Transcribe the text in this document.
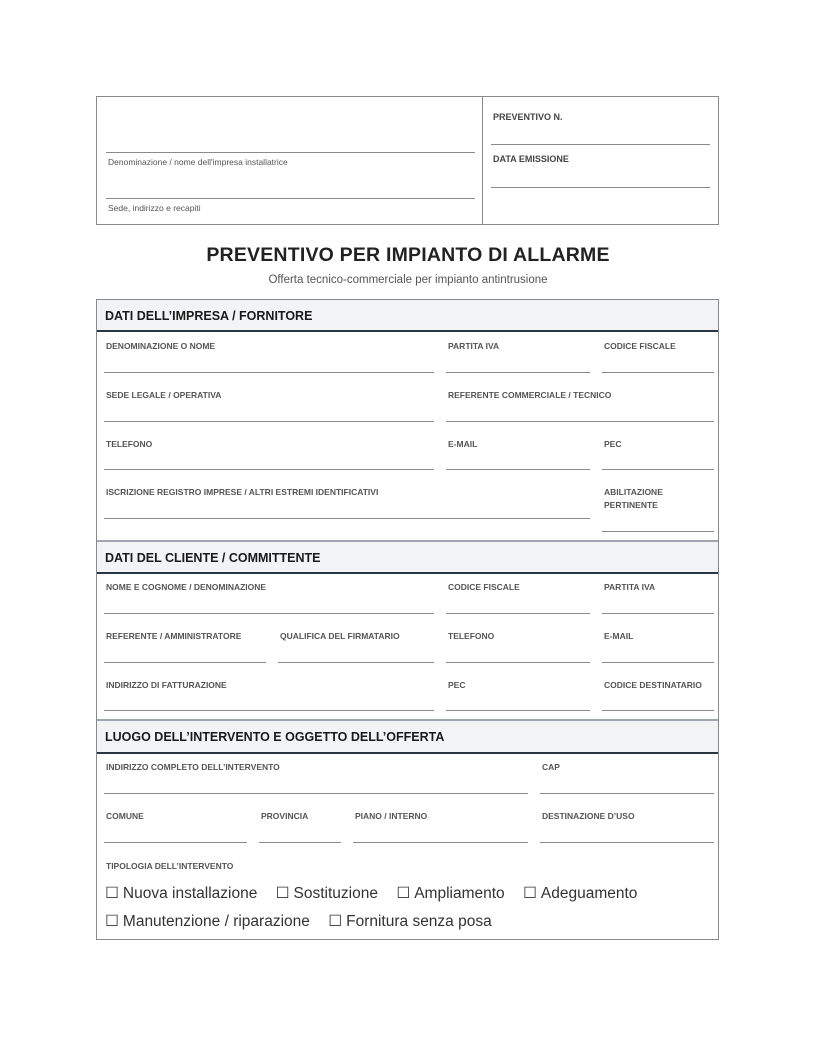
Denominazione / nome dell'impresa installatrice
Sede, indirizzo e recapiti
PREVENTIVO N.
DATA EMISSIONE
PREVENTIVO PER IMPIANTO DI ALLARME
Offerta tecnico-commerciale per impianto antintrusione
DATI DELL’IMPRESA / FORNITORE
DENOMINAZIONE O NOME	PARTITA IVA	CODICE FISCALE
SEDE LEGALE / OPERATIVA	REFERENTE COMMERCIALE / TECNICO
TELEFONO	E-MAIL	PEC
ISCRIZIONE REGISTRO IMPRESE / ALTRI ESTREMI IDENTIFICATIVI	ABILITAZIONE PERTINENTE
DATI DEL CLIENTE / COMMITTENTE
NOME E COGNOME / DENOMINAZIONE	CODICE FISCALE	PARTITA IVA
REFERENTE / AMMINISTRATORE	QUALIFICA DEL FIRMATARIO	TELEFONO	E-MAIL
INDIRIZZO DI FATTURAZIONE	PEC	CODICE DESTINATARIO
LUOGO DELL’INTERVENTO E OGGETTO DELL’OFFERTA
INDIRIZZO COMPLETO DELL’INTERVENTO	CAP
COMUNE	PROVINCIA	PIANO / INTERNO	DESTINAZIONE D’USO
TIPOLOGIA DELL’INTERVENTO
☐ Nuova installazione ☐ Sostituzione ☐ Ampliamento ☐ Adeguamento ☐ Manutenzione / riparazione ☐ Fornitura senza posa
